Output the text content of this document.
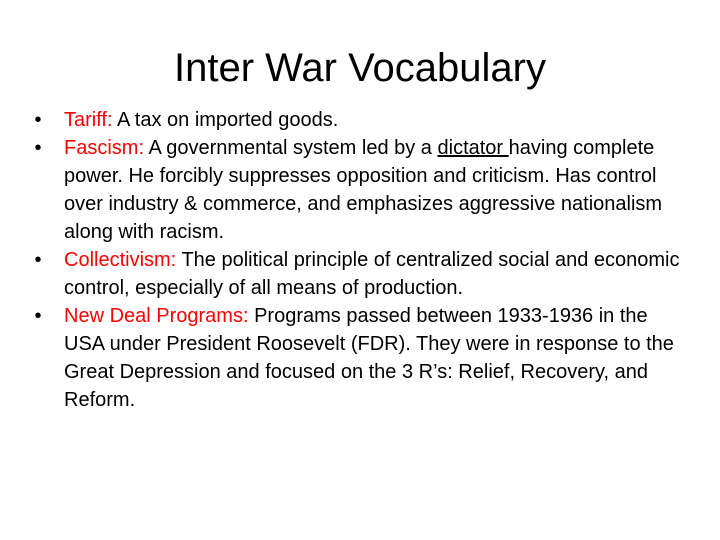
Inter War Vocabulary
•	Tariff: A tax on imported goods.
•	Fascism: A governmental system led by a dictator having complete power. He forcibly suppresses opposition and criticism. Has control over industry & commerce, and emphasizes aggressive nationalism along with racism.
•	Collectivism: The political principle of centralized social and economic control, especially of all means of production.
•	New Deal Programs: Programs passed between 1933-1936 in the USA under President Roosevelt (FDR). They were in response to the Great Depression and focused on the 3 R’s: Relief, Recovery, and Reform.
